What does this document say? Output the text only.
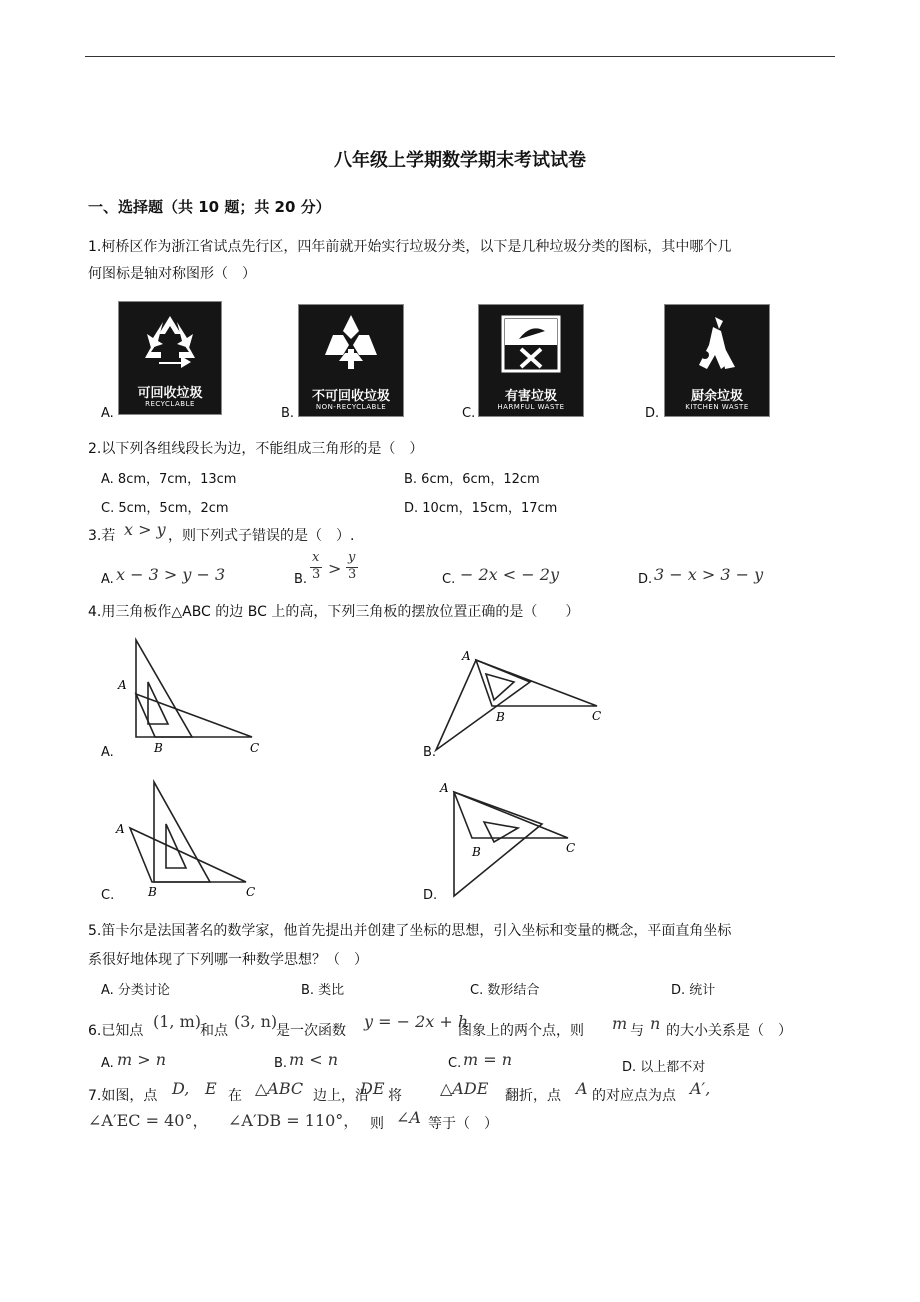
八年级上学期数学期末考试试卷
一、选择题（共 10 题；共 20 分）
1.柯桥区作为浙江省试点先行区，四年前就开始实行垃圾分类，以下是几种垃圾分类的图标，其中哪个几
何图标是轴对称图形（　）
A.
可回收垃圾
RECYCLABLE
B.
不可回收垃圾
NON-RECYCLABLE	C.
有害垃圾
HARMFUL WASTE	D.
厨余垃圾
KITCHEN WASTE
2.以下列各组线段长为边，不能组成三角形的是（　）
A. 8cm，7cm，13cm	B. 6cm，6cm，12cm
C. 5cm，5cm，2cm	D. 10cm，15cm，17cm
3.若 x > y ，则下列式子错误的是（　）.
A. x − 3 > y − 3	B.
x
3 >
y
3	C. − 2x < − 2y	D. 3 − x > 3 − y
4.用三角板作△ABC 的边 BC 上的高，下列三角板的摆放位置正确的是（　　）
A.
A
B	C	B.
A
B	C
C.
A
B	C	D.
A
B	C
5.笛卡尔是法国著名的数学家，他首先提出并创建了坐标的思想，引入坐标和变量的概念，平面直角坐标
系很好地体现了下列哪一种数学思想？（　）
A. 分类讨论	B. 类比	C. 数形结合	D. 统计
6.已知点 (1, m)
和点 (3, n)
是一次函数 y = − 2x + h
图象上的两个点，则 m 与 n 的大小关系是（　）
A. m > n	B. m < n	C. m = n	D. 以上都不对
7.如图，点 D, E 在 △ABC 边上，沿
DE 将 △ADE 翻折，点 A 的对应点为点 A′,
∠A′EC = 40°， ∠A′DB = 110°， 则 ∠A 等于（　）
